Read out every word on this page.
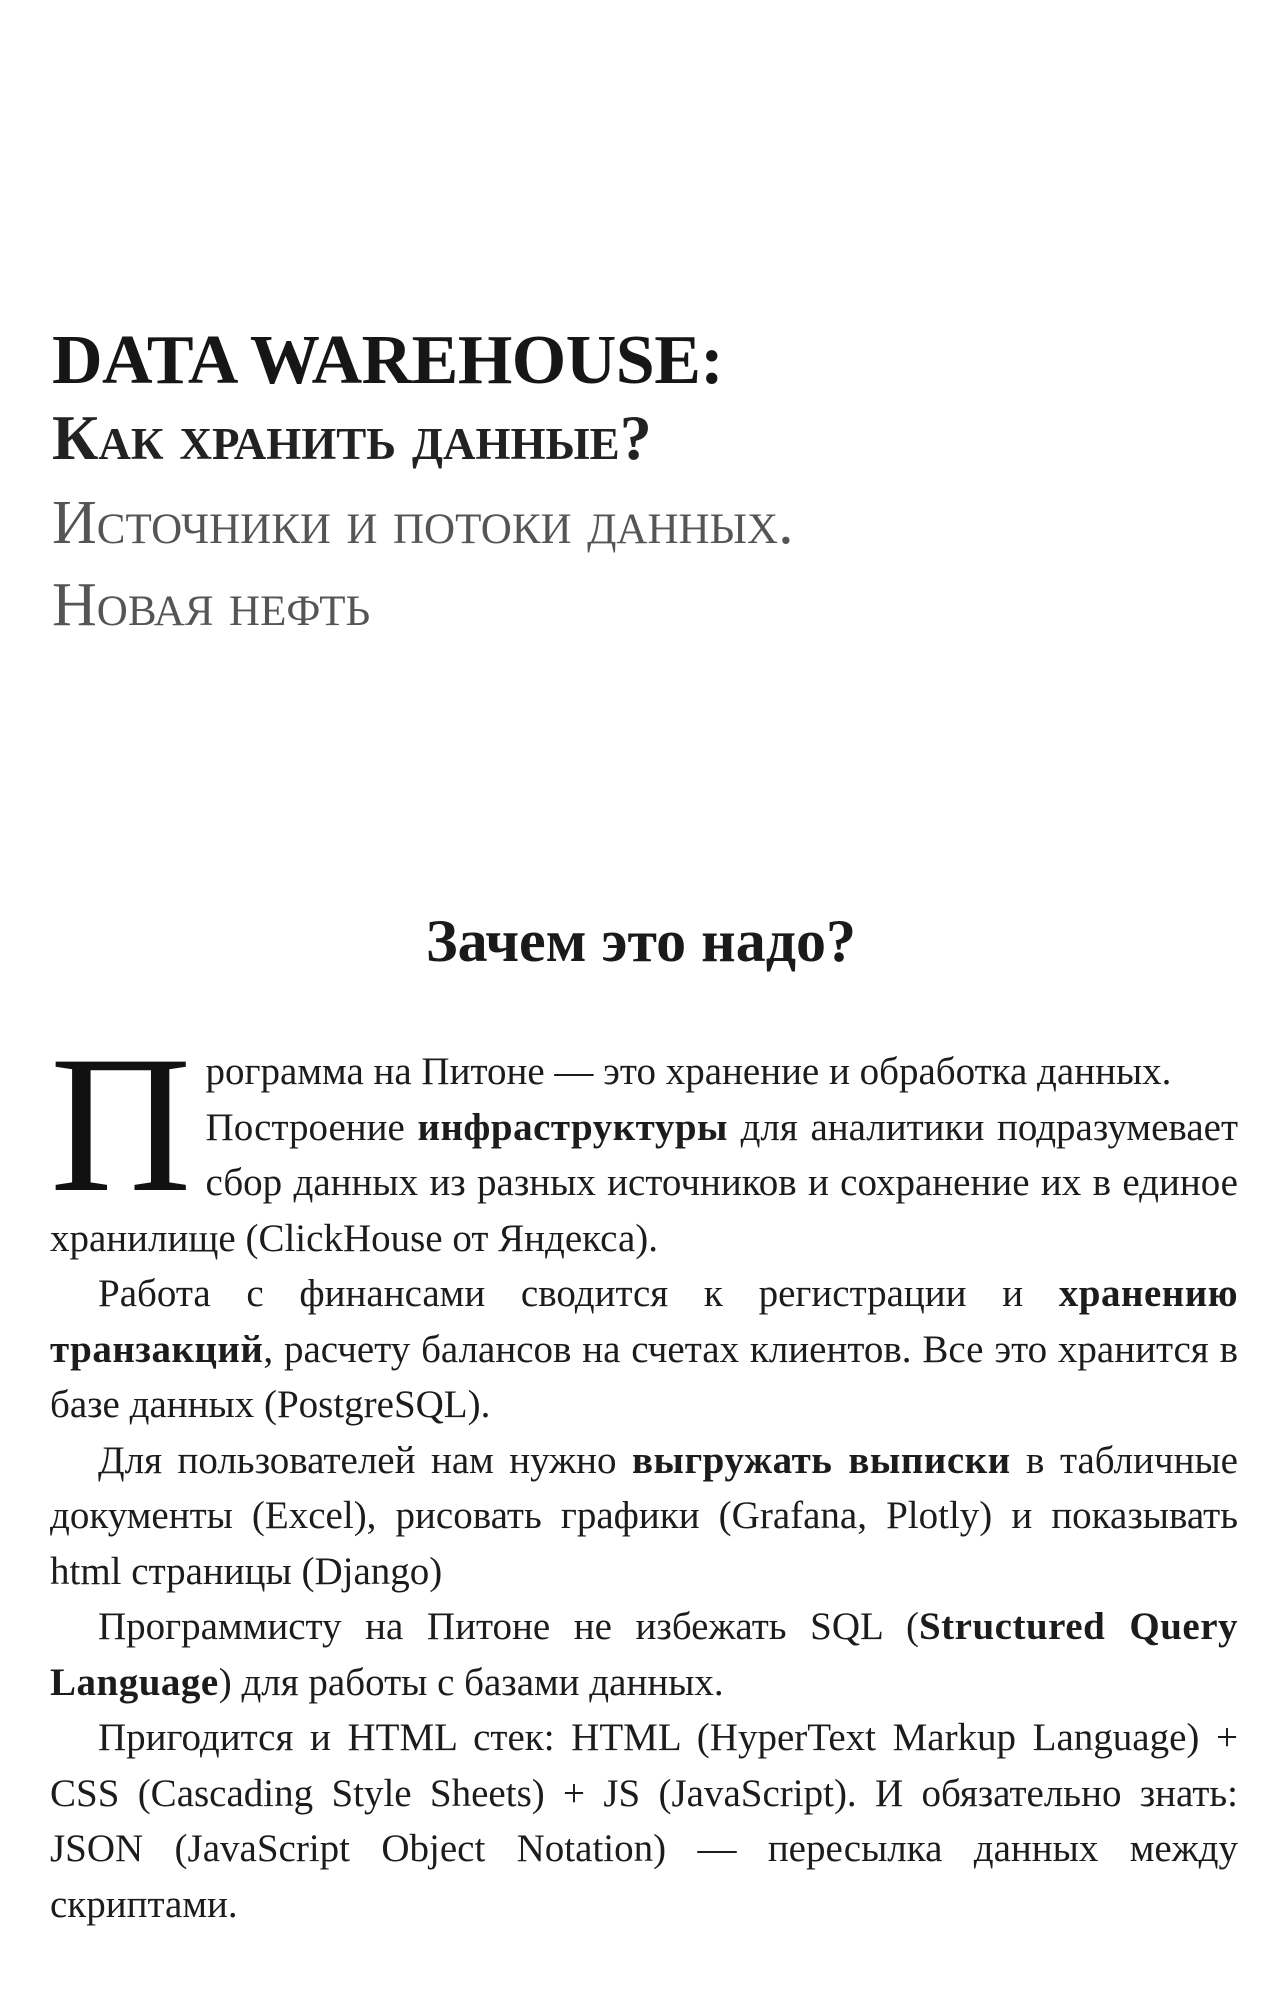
DATA WAREHOUSE:
Как хранить данные?
Источники и потоки данных.
Новая нефть
Зачем это надо?

Программа на Питоне — это хранение и обработка данных.

Построение инфраструктуры для аналитики подразумевает сбор данных из разных источников и сохранение их в единое хранилище (ClickHouse от Яндекса).

Работа с финансами сводится к регистрации и хранению транзакций, расчету балансов на счетах клиентов. Все это хранится в базе данных (PostgreSQL).

Для пользователей нам нужно выгружать выписки в табличные документы (Excel), рисовать графики (Grafana, Plotly) и показывать html страницы (Django)

Программисту на Питоне не избежать SQL (Structured Query Language) для работы с базами данных.

Пригодится и HTML стек: HTML (HyperText Markup Language) + CSS (Cascading Style Sheets) + JS (JavaScript). И обязательно знать: JSON (JavaScript Object Notation) — пересылка данных между скриптами.
